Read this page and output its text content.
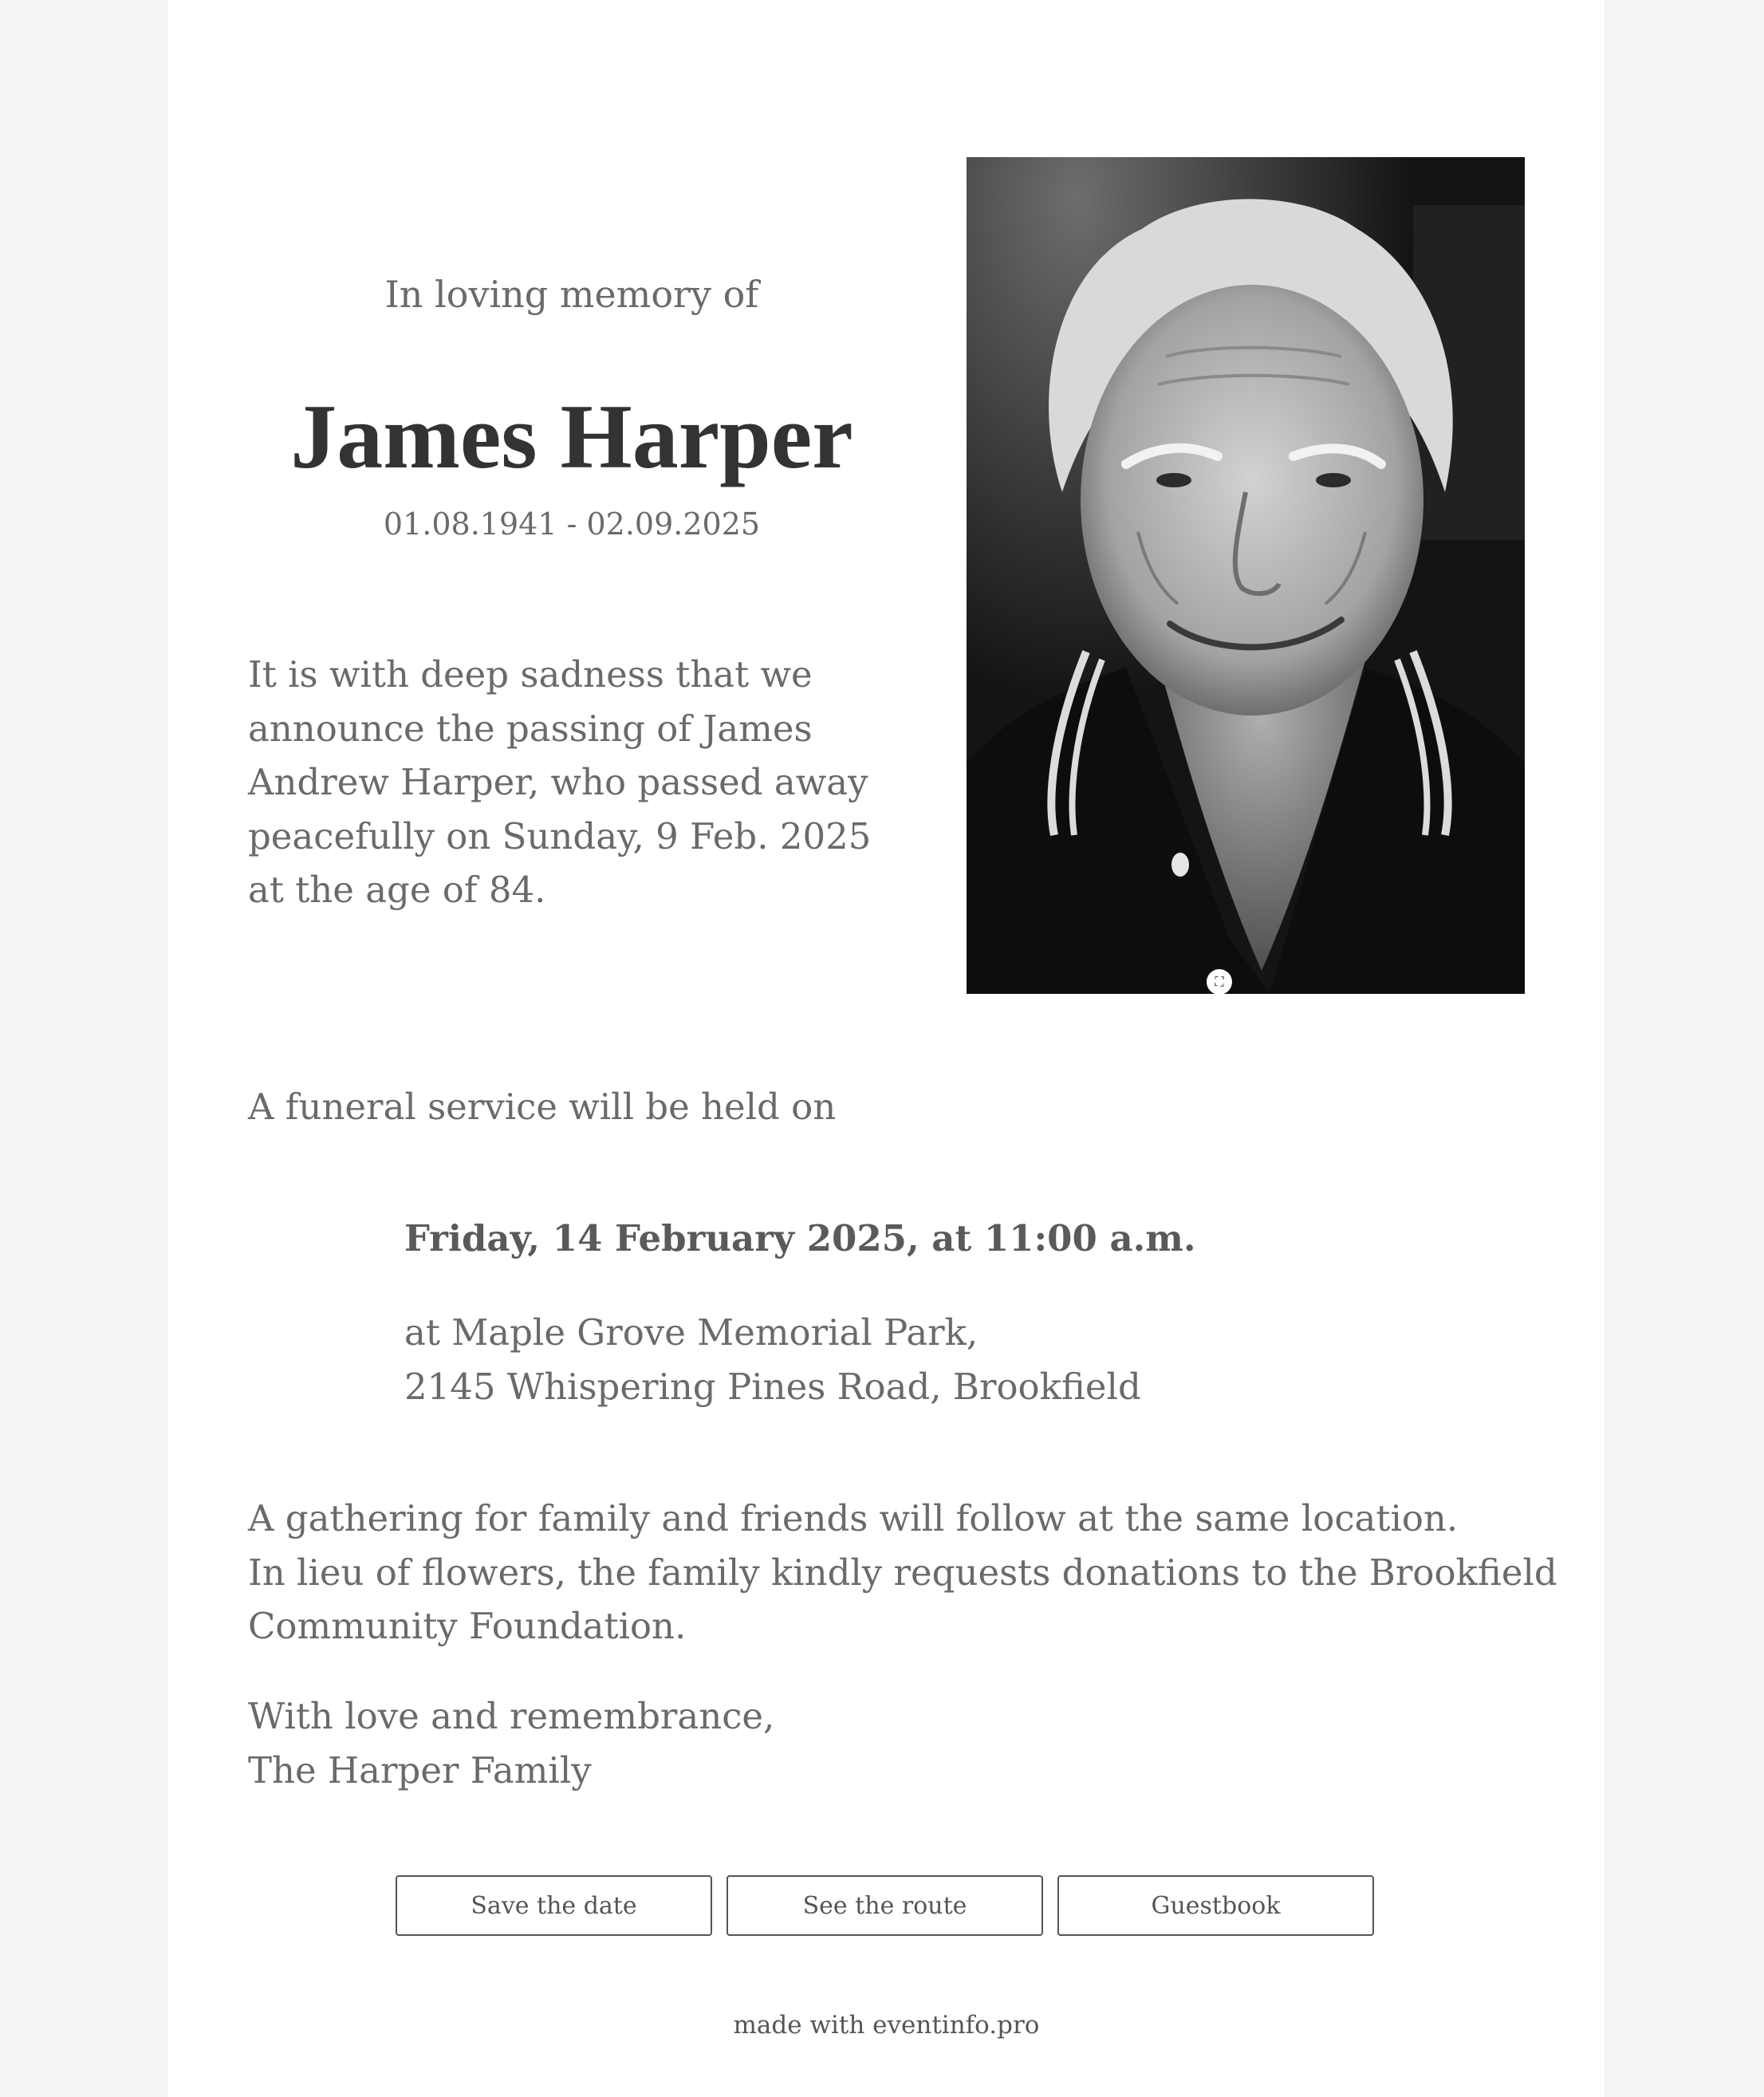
In loving memory of
James Harper
01.08.1941 - 02.09.2025
It is with deep sadness that we announce the passing of James Andrew Harper, who passed away peacefully on Sunday, 9 Feb. 2025 at the age of 84.
⛶
A funeral service will be held on
Friday, 14 February 2025, at 11:00 a.m.
at Maple Grove Memorial Park,
2145 Whispering Pines Road, Brookfield
A gathering for family and friends will follow at the same location.
In lieu of flowers, the family kindly requests donations to the Brookfield
Community Foundation.
With love and remembrance,
The Harper Family
Save the date	See the route	Guestbook
made with eventinfo.pro
